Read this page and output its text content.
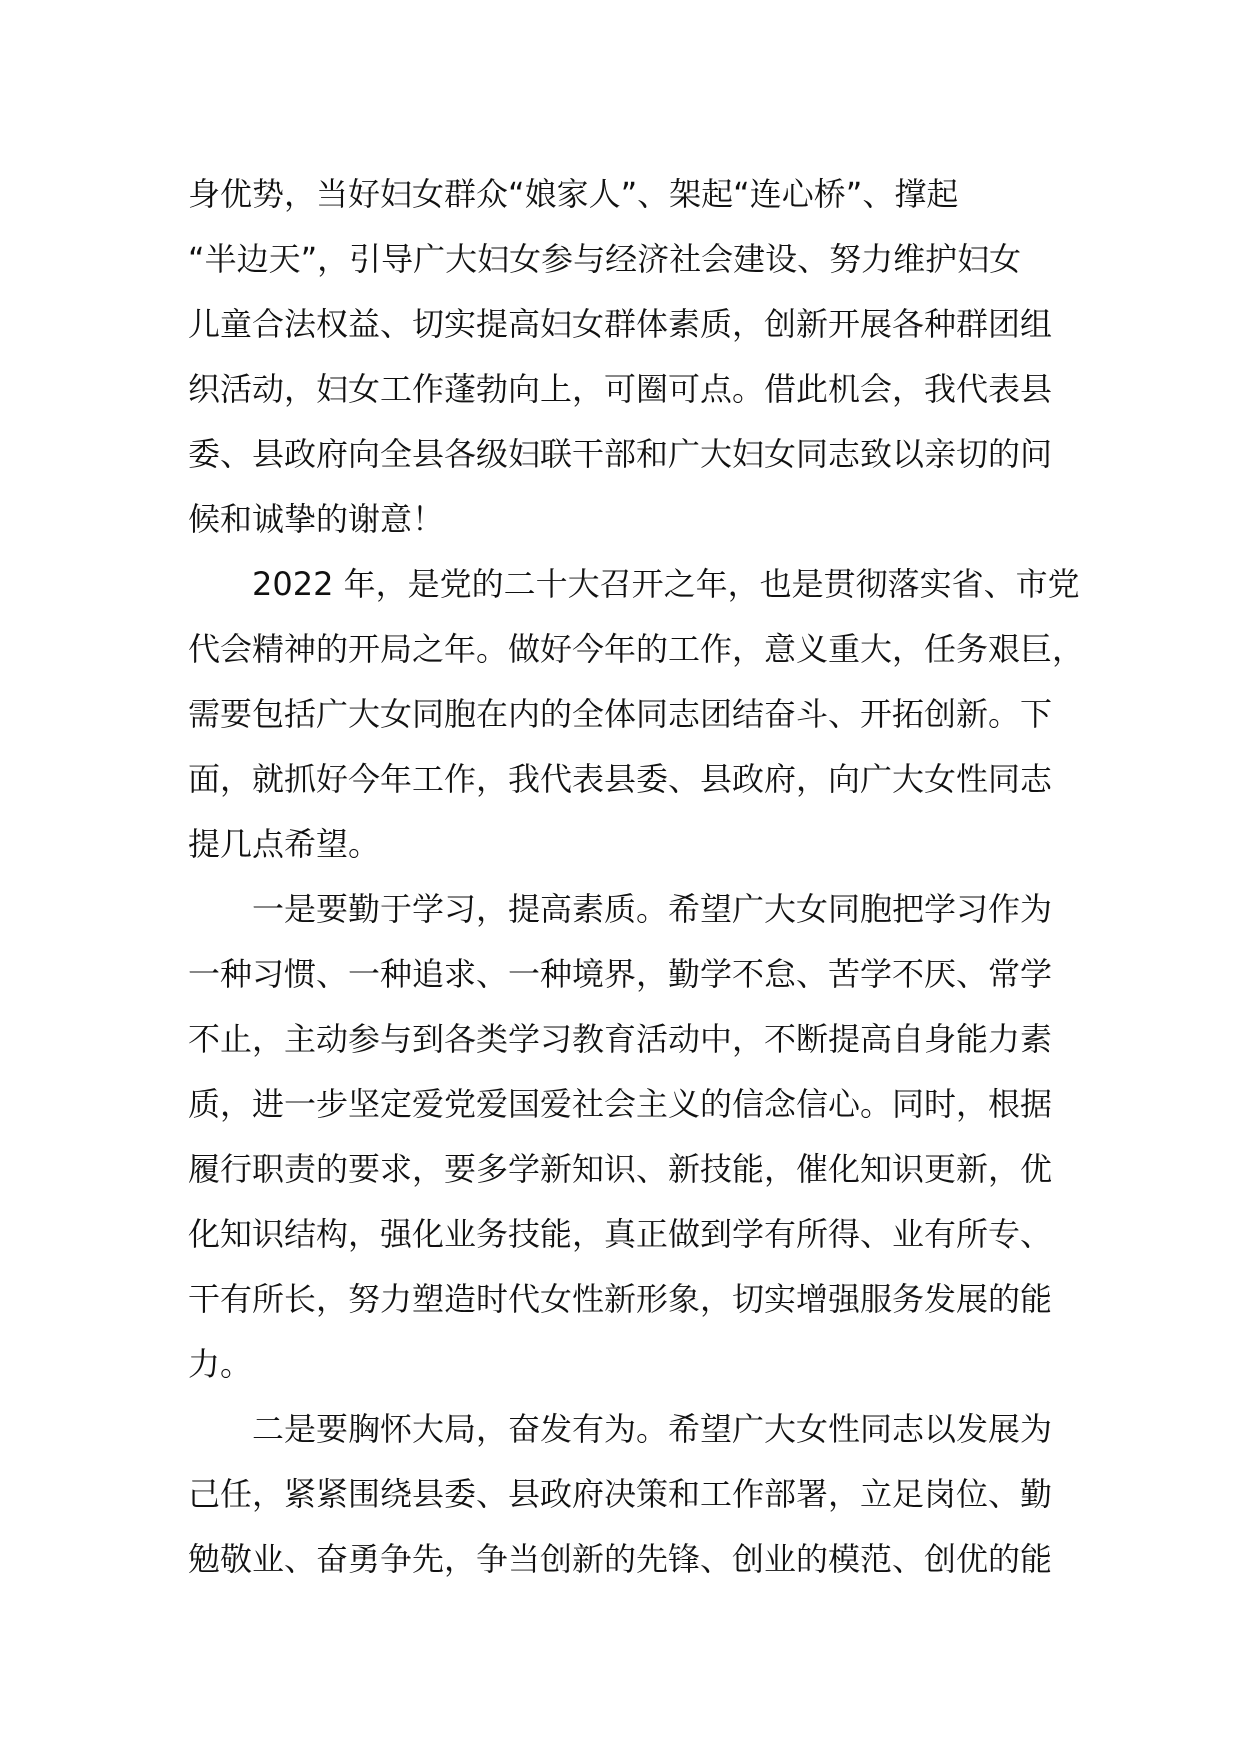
身优势，当好妇女群众“娘家人”、架起“连心桥”、撑起
“半边天”，引导广大妇女参与经济社会建设、努力维护妇女
儿童合法权益、切实提高妇女群体素质，创新开展各种群团组
织活动，妇女工作蓬勃向上，可圈可点。借此机会，我代表县
委、县政府向全县各级妇联干部和广大妇女同志致以亲切的问
候和诚挚的谢意！
2022 年，是党的二十大召开之年，也是贯彻落实省、市党
代会精神的开局之年。做好今年的工作，意义重大，任务艰巨，
需要包括广大女同胞在内的全体同志团结奋斗、开拓创新。下
面，就抓好今年工作，我代表县委、县政府，向广大女性同志
提几点希望。
一是要勤于学习，提高素质。希望广大女同胞把学习作为
一种习惯、一种追求、一种境界，勤学不怠、苦学不厌、常学
不止，主动参与到各类学习教育活动中，不断提高自身能力素
质，进一步坚定爱党爱国爱社会主义的信念信心。同时，根据
履行职责的要求，要多学新知识、新技能，催化知识更新，优
化知识结构，强化业务技能，真正做到学有所得、业有所专、
干有所长，努力塑造时代女性新形象，切实增强服务发展的能
力。
二是要胸怀大局，奋发有为。希望广大女性同志以发展为
己任，紧紧围绕县委、县政府决策和工作部署，立足岗位、勤
勉敬业、奋勇争先，争当创新的先锋、创业的模范、创优的能
